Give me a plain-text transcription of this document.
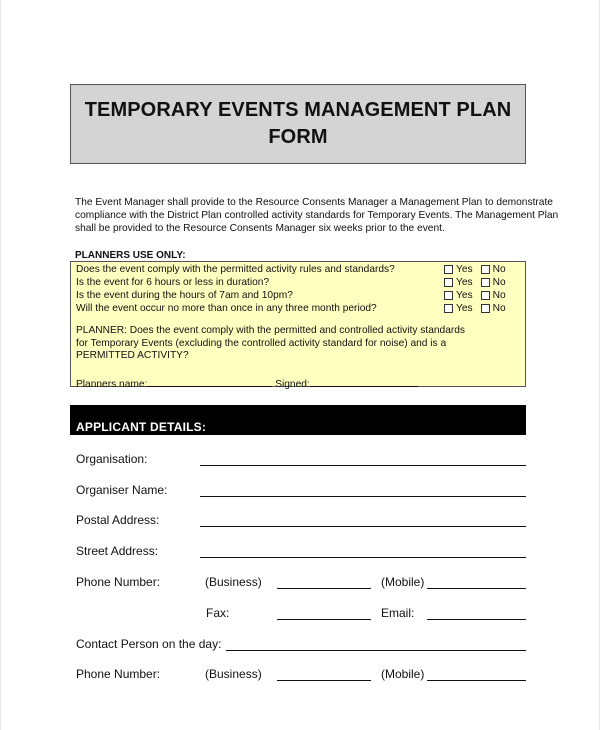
TEMPORARY EVENTS MANAGEMENT PLAN
FORM
The Event Manager shall provide to the Resource Consents Manager a Management Plan to demonstrate
compliance with the District Plan controlled activity standards for Temporary Events. The Management Plan
shall be provided to the Resource Consents Manager six weeks prior to the event.
PLANNERS USE ONLY:
Does the event comply with the permitted activity rules and standards?	Yes No
Is the event for 6 hours or less in duration?	Yes No
Is the event during the hours of 7am and 10pm?	Yes No
Will the event occur no more than once in any three month period?	Yes No
PLANNER: Does the event comply with the permitted and controlled activity standards
for Temporary Events (excluding the controlled activity standard for noise) and is a
PERMITTED ACTIVITY?
Planners name:	Signed:
APPLICANT DETAILS:
Organisation:
Organiser Name:
Postal Address:
Street Address:
Phone Number:	(Business)	(Mobile)
Fax:	Email:
Contact Person on the day:
Phone Number:	(Business)	(Mobile)
